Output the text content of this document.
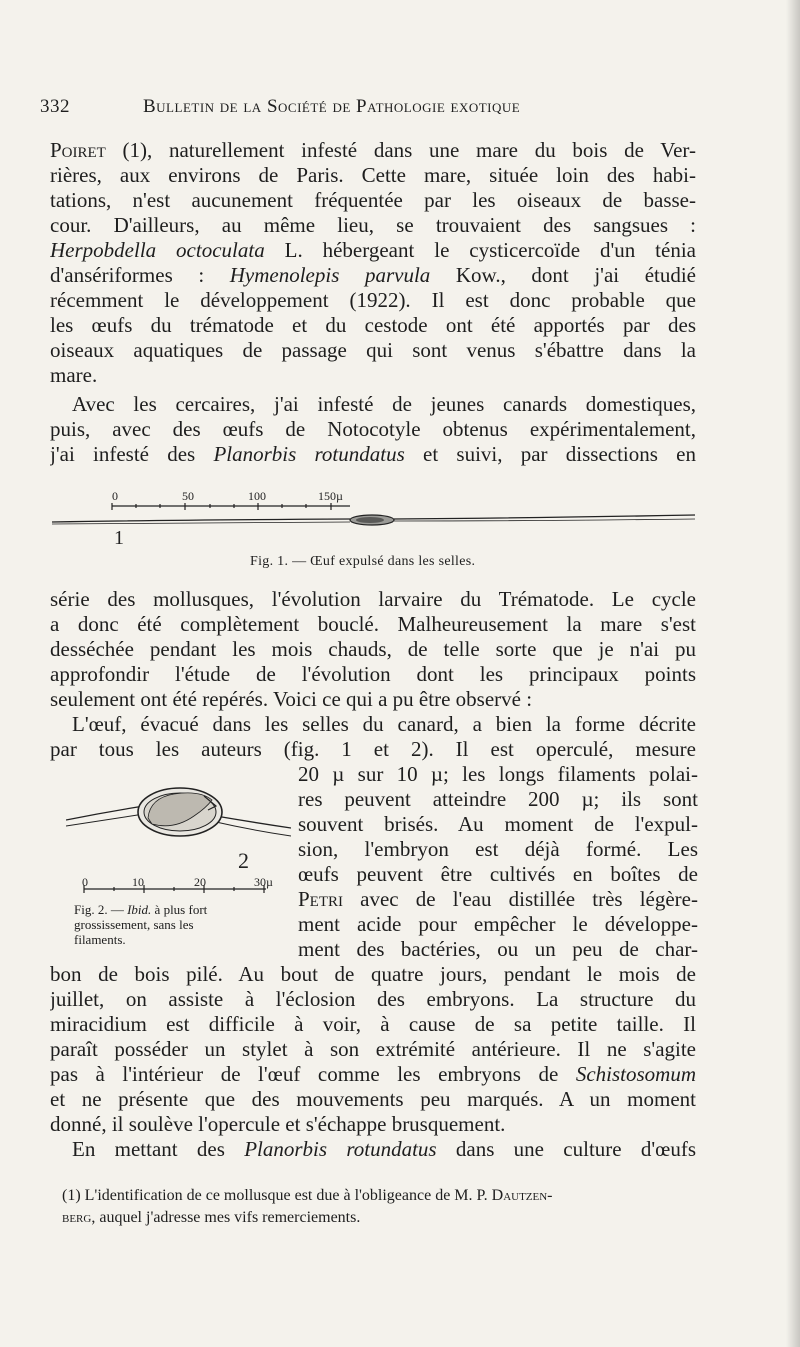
332	Bulletin de la Société de Pathologie exotique
Poiret (1), naturellement infesté dans une mare du bois de Ver-
rières, aux environs de Paris. Cette mare, située loin des habi-
tations, n'est aucunement fréquentée par les oiseaux de basse-
cour. D'ailleurs, au même lieu, se trouvaient des sangsues :
Herpobdella octoculata L. hébergeant le cysticercoïde d'un ténia
d'ansériformes : Hymenolepis parvula Kow., dont j'ai étudié
récemment le développement (1922). Il est donc probable que
les œufs du trématode et du cestode ont été apportés par des
oiseaux aquatiques de passage qui sont venus s'ébattre dans la
mare.
Avec les cercaires, j'ai infesté de jeunes canards domestiques,
puis, avec des œufs de Notocotyle obtenus expérimentalement,
j'ai infesté des Planorbis rotundatus et suivi, par dissections en
0	50	100	150µ
1
Fig. 1. — Œuf expulsé dans les selles.
série des mollusques, l'évolution larvaire du Trématode. Le cycle
a donc été complètement bouclé. Malheureusement la mare s'est
desséchée pendant les mois chauds, de telle sorte que je n'ai pu
approfondir l'étude de l'évolution dont les principaux points
seulement ont été repérés. Voici ce qui a pu être observé :
L'œuf, évacué dans les selles du canard, a bien la forme décrite
par tous les auteurs (fig. 1 et 2). Il est operculé, mesure
2
0	10	20	30µ
Fig. 2. — Ibid. à plus fort
grossissement, sans les
filaments.
20 µ sur 10 µ; les longs filaments polai-
res peuvent atteindre 200 µ; ils sont
souvent brisés. Au moment de l'expul-
sion, l'embryon est déjà formé. Les
œufs peuvent être cultivés en boîtes de
Petri avec de l'eau distillée très légère-
ment acide pour empêcher le développe-
ment des bactéries, ou un peu de char-
bon de bois pilé. Au bout de quatre jours, pendant le mois de
juillet, on assiste à l'éclosion des embryons. La structure du
miracidium est difficile à voir, à cause de sa petite taille. Il
paraît posséder un stylet à son extrémité antérieure. Il ne s'agite
pas à l'intérieur de l'œuf comme les embryons de Schistosomum
et ne présente que des mouvements peu marqués. A un moment
donné, il soulève l'opercule et s'échappe brusquement.
En mettant des Planorbis rotundatus dans une culture d'œufs
(1) L'identification de ce mollusque est due à l'obligeance de M. P. Dautzen-
berg, auquel j'adresse mes vifs remerciements.
